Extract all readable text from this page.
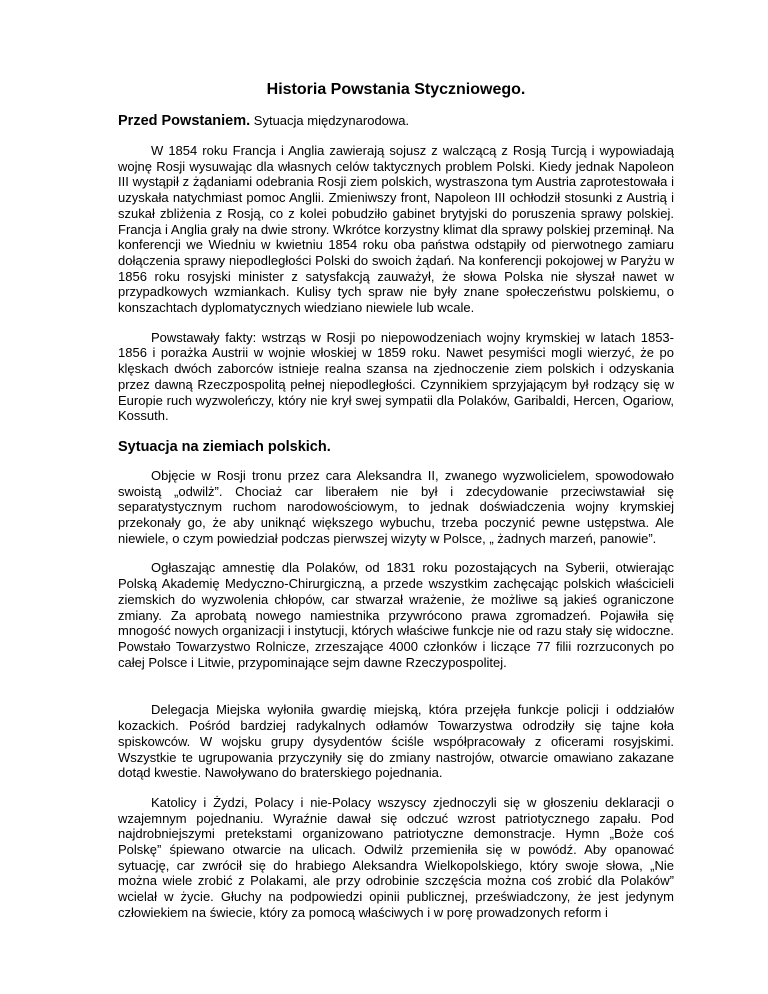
Historia Powstania Styczniowego.
Przed Powstaniem. Sytuacja międzynarodowa.

W 1854 roku Francja i Anglia zawierają sojusz z walczącą z Rosją Turcją i wypowiadają wojnę Rosji wysuwając dla własnych celów taktycznych problem Polski. Kiedy jednak Napoleon III wystąpił z żądaniami odebrania Rosji ziem polskich, wystraszona tym Austria zaprotestowała i uzyskała natychmiast pomoc Anglii. Zmieniwszy front, Napoleon III ochłodził stosunki z Austrią i szukał zbliżenia z Rosją, co z kolei pobudziło gabinet brytyjski do poruszenia sprawy polskiej. Francja i Anglia grały na dwie strony. Wkrótce korzystny klimat dla sprawy polskiej przeminął. Na konferencji we Wiedniu w kwietniu 1854 roku oba państwa odstąpiły od pierwotnego zamiaru dołączenia sprawy niepodległości Polski do swoich żądań. Na konferencji pokojowej w Paryżu w 1856 roku rosyjski minister z satysfakcją zauważył, że słowa Polska nie słyszał nawet w przypadkowych wzmiankach. Kulisy tych spraw nie były znane społeczeństwu polskiemu, o konszachtach dyplomatycznych wiedziano niewiele lub wcale.

Powstawały fakty: wstrząs w Rosji po niepowodzeniach wojny krymskiej w latach 1853-1856 i porażka Austrii w wojnie włoskiej w 1859 roku. Nawet pesymiści mogli wierzyć, że po klęskach dwóch zaborców istnieje realna szansa na zjednoczenie ziem polskich i odzyskania przez dawną Rzeczpospolitą pełnej niepodległości. Czynnikiem sprzyjającym był rodzący się w Europie ruch wyzwoleńczy, który nie krył swej sympatii dla Polaków, Garibaldi, Hercen, Ogariow, Kossuth.

Sytuacja na ziemiach polskich.

Objęcie w Rosji tronu przez cara Aleksandra II, zwanego wyzwolicielem, spowodowało swoistą „odwilż”. Chociaż car liberałem nie był i zdecydowanie przeciwstawiał się separatystycznym ruchom narodowościowym, to jednak doświadczenia wojny krymskiej przekonały go, że aby uniknąć większego wybuchu, trzeba poczynić pewne ustępstwa. Ale niewiele, o czym powiedział podczas pierwszej wizyty w Polsce, „ żadnych marzeń, panowie”.

Ogłaszając amnestię dla Polaków, od 1831 roku pozostających na Syberii, otwierając Polską Akademię Medyczno-Chirurgiczną, a przede wszystkim zachęcając polskich właścicieli ziemskich do wyzwolenia chłopów, car stwarzał wrażenie, że możliwe są jakieś ograniczone zmiany. Za aprobatą nowego namiestnika przywrócono prawa zgromadzeń. Pojawiła się mnogość nowych organizacji i instytucji, których właściwe funkcje nie od razu stały się widoczne. Powstało Towarzystwo Rolnicze, zrzeszające 4000 członków i liczące 77 filii rozrzuconych po całej Polsce i Litwie, przypominające sejm dawne Rzeczypospolitej.

Delegacja Miejska wyłoniła gwardię miejską, która przejęła funkcje policji i oddziałów kozackich. Pośród bardziej radykalnych odłamów Towarzystwa odrodziły się tajne koła spiskowców. W wojsku grupy dysydentów ściśle współpracowały z oficerami rosyjskimi. Wszystkie te ugrupowania przyczyniły się do zmiany nastrojów, otwarcie omawiano zakazane dotąd kwestie. Nawoływano do braterskiego pojednania.

Katolicy i Żydzi, Polacy i nie-Polacy wszyscy zjednoczyli się w głoszeniu deklaracji o wzajemnym pojednaniu. Wyraźnie dawał się odczuć wzrost patriotycznego zapału. Pod najdrobniejszymi pretekstami organizowano patriotyczne demonstracje. Hymn „Boże coś Polskę” śpiewano otwarcie na ulicach. Odwilż przemieniła się w powódź. Aby opanować sytuację, car zwrócił się do hrabiego Aleksandra Wielkopolskiego, który swoje słowa, „Nie można wiele zrobić z Polakami, ale przy odrobinie szczęścia można coś zrobić dla Polaków” wcielał w życie. Głuchy na podpowiedzi opinii publicznej, przeświadczony, że jest jedynym człowiekiem na świecie, który za pomocą właściwych i w porę prowadzonych reform i
